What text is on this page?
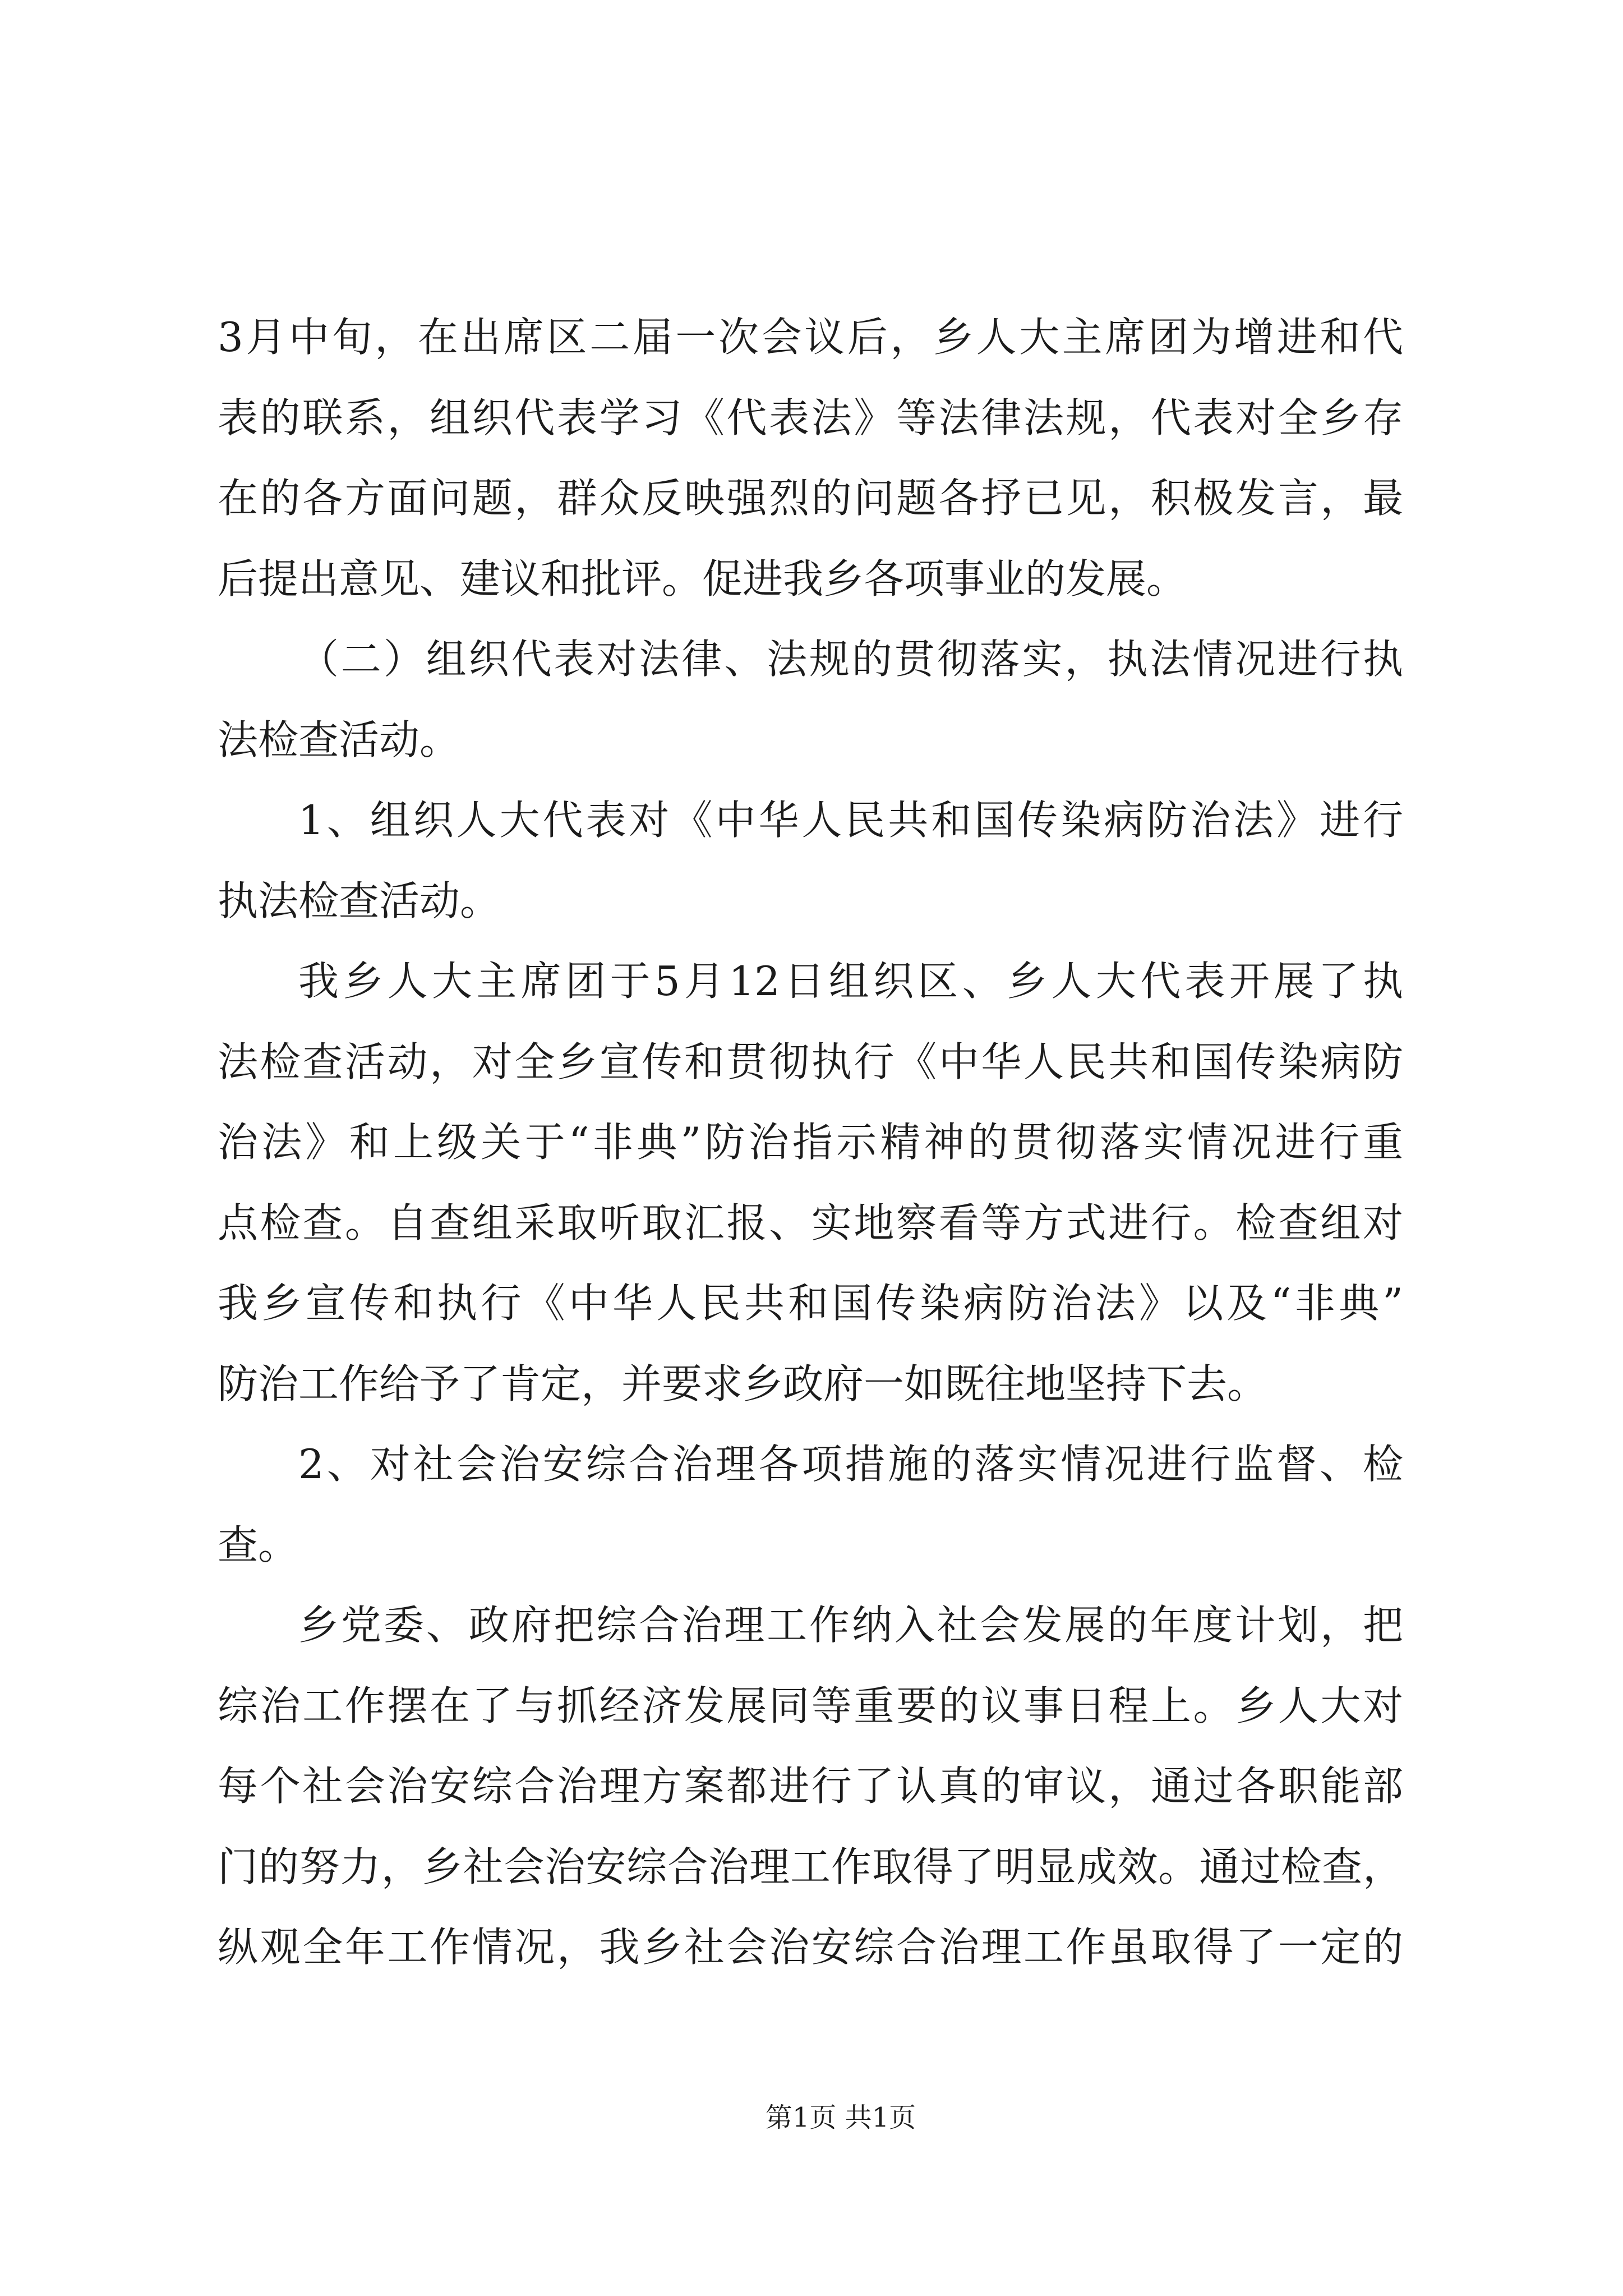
3月中旬，在出席区二届一次会议后，乡人大主席团为增进和代
表的联系，组织代表学习《代表法》等法律法规，代表对全乡存
在的各方面问题，群众反映强烈的问题各抒已见，积极发言，最
后提出意见、建议和批评。促进我乡各项事业的发展。
（二）组织代表对法律、法规的贯彻落实，执法情况进行执
法检查活动。
1、组织人大代表对《中华人民共和国传染病防治法》进行
执法检查活动。
我乡人大主席团于5月12日组织区、乡人大代表开展了执
法检查活动，对全乡宣传和贯彻执行《中华人民共和国传染病防
治法》和上级关于“非典”防治指示精神的贯彻落实情况进行重
点检查。自查组采取听取汇报、实地察看等方式进行。检查组对
我乡宣传和执行《中华人民共和国传染病防治法》以及“非典”
防治工作给予了肯定，并要求乡政府一如既往地坚持下去。
2、对社会治安综合治理各项措施的落实情况进行监督、检
查。
乡党委、政府把综合治理工作纳入社会发展的年度计划，把
综治工作摆在了与抓经济发展同等重要的议事日程上。乡人大对
每个社会治安综合治理方案都进行了认真的审议，通过各职能部
门的努力，乡社会治安综合治理工作取得了明显成效。通过检查，
纵观全年工作情况，我乡社会治安综合治理工作虽取得了一定的
第1页 共1页
